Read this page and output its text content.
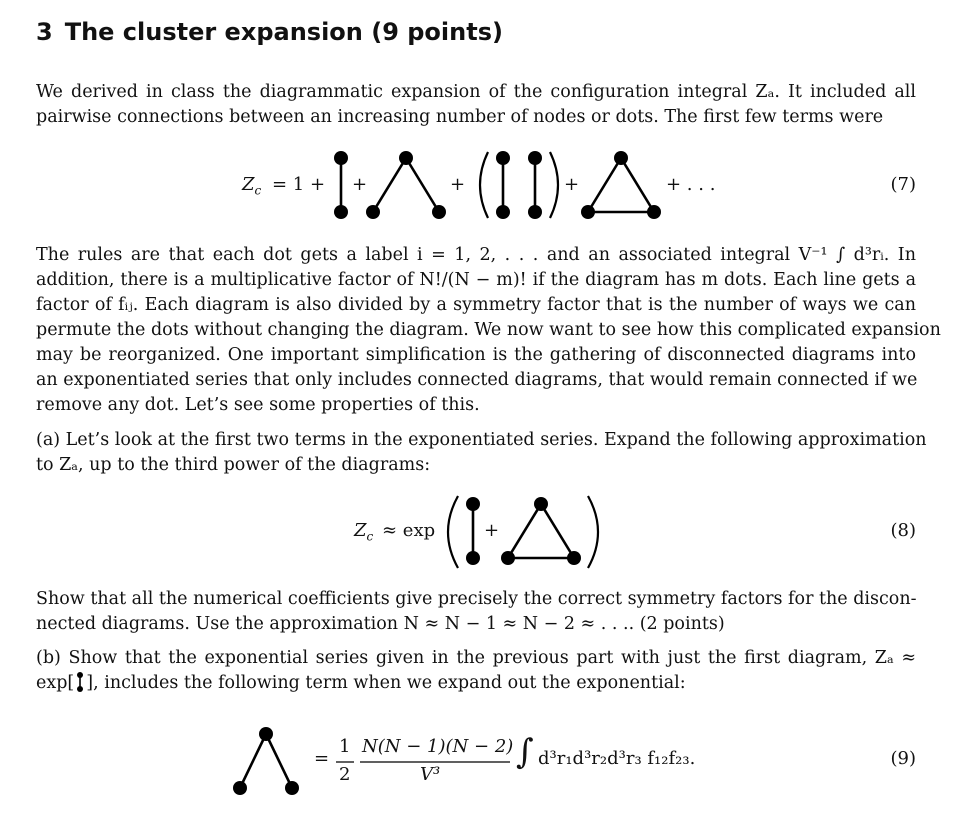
3 The cluster expansion (9 points)
We derived in class the diagrammatic expansion of the configuration integral Zₐ. It included all
pairwise connections between an increasing number of nodes or dots. The first few terms were
$Z_c = 1$ + +	+	+	+ . . .	(7)
The rules are that each dot gets a label i = 1, 2, . . . and an associated integral V⁻¹ ∫ d³rᵢ. In
addition, there is a multiplicative factor of N!/(N − m)! if the diagram has m dots. Each line gets a
factor of fᵢⱼ. Each diagram is also divided by a symmetry factor that is the number of ways we can
permute the dots without changing the diagram. We now want to see how this complicated expansion
may be reorganized. One important simplification is the gathering of disconnected diagrams into
an exponentiated series that only includes connected diagrams, that would remain connected if we
remove any dot. Let’s see some properties of this.
(a) Let’s look at the first two terms in the exponentiated series. Expand the following approximation
to Zₐ, up to the third power of the diagrams:
$Z_c \approx \exp$	+	(8)
Show that all the numerical coefficients give precisely the correct symmetry factors for the discon-
nected diagrams. Use the approximation N ≈ N − 1 ≈ N − 2 ≈ . . .. (2 points)
(b) Show that the exponential series given in the previous part with just the first diagram, Zₐ ≈
exp[ ], includes the following term when we expand out the exponential:
=
1
2
N(N − 1)(N − 2)
V³
∫ d³r₁d³r₂d³r₃ f₁₂f₂₃.	(9)
